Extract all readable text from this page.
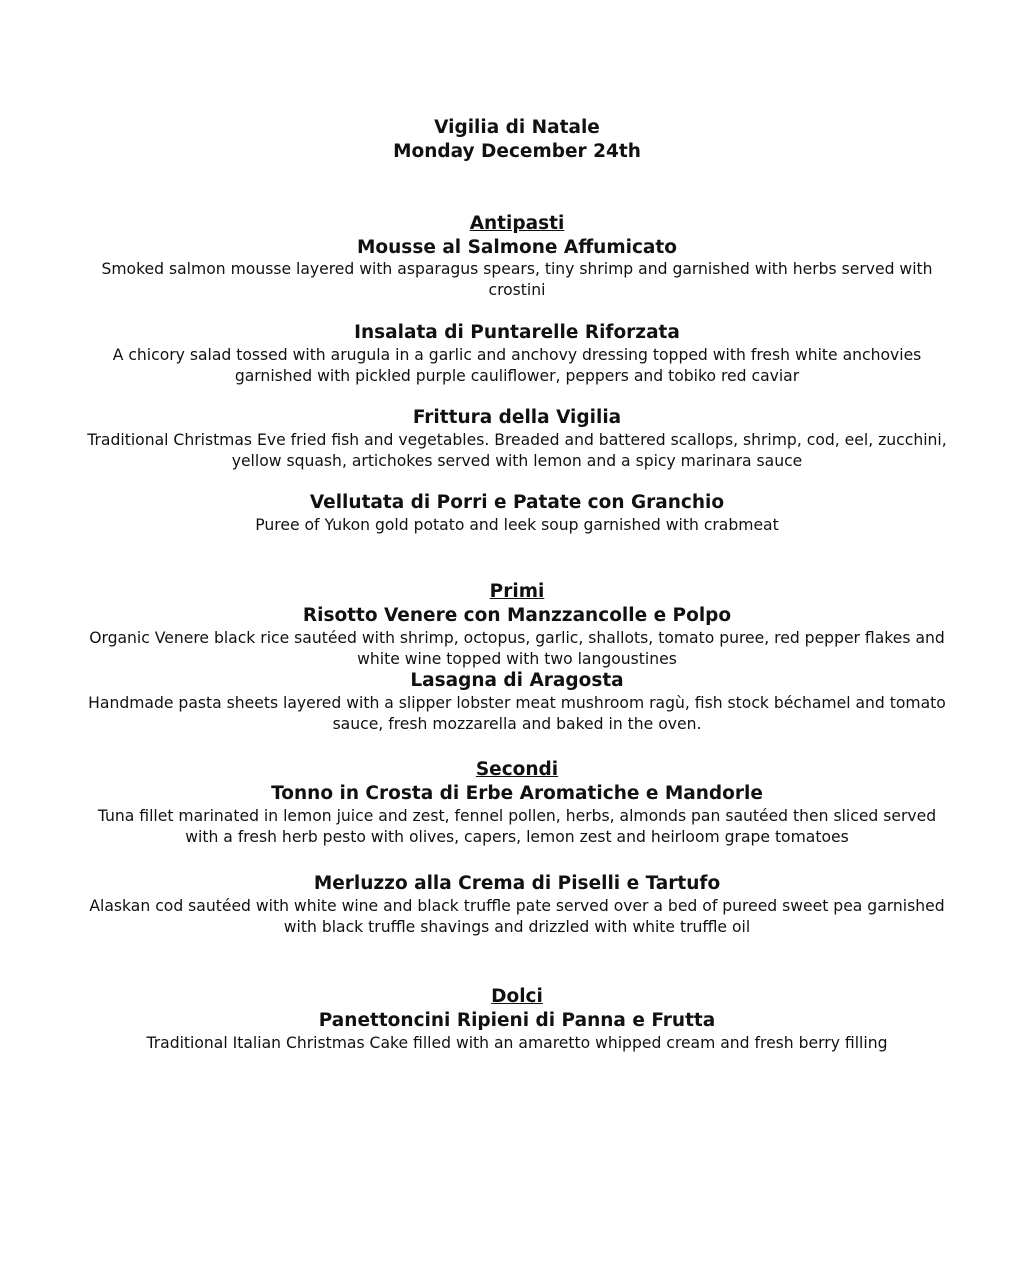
Vigilia di Natale
Monday December 24th
Antipasti
Mousse al Salmone Affumicato
Smoked salmon mousse layered with asparagus spears, tiny shrimp and garnished with herbs served with crostini
Insalata di Puntarelle Riforzata
A chicory salad tossed with arugula in a garlic and anchovy dressing topped with fresh white anchovies garnished with pickled purple cauliflower, peppers and tobiko red caviar
Frittura della Vigilia
Traditional Christmas Eve fried fish and vegetables. Breaded and battered scallops, shrimp, cod, eel, zucchini, yellow squash, artichokes served with lemon and a spicy marinara sauce
Vellutata di Porri e Patate con Granchio
Puree of Yukon gold potato and leek soup garnished with crabmeat
Primi
Risotto Venere con Manzzancolle e Polpo
Organic Venere black rice sautéed with shrimp, octopus, garlic, shallots, tomato puree, red pepper flakes and white wine topped with two langoustines
Lasagna di Aragosta
Handmade pasta sheets layered with a slipper lobster meat mushroom ragù, fish stock béchamel and tomato sauce, fresh mozzarella and baked in the oven.
Secondi
Tonno in Crosta di Erbe Aromatiche e Mandorle
Tuna fillet marinated in lemon juice and zest, fennel pollen, herbs, almonds pan sautéed then sliced served with a fresh herb pesto with olives, capers, lemon zest and heirloom grape tomatoes
Merluzzo alla Crema di Piselli e Tartufo
Alaskan cod sautéed with white wine and black truffle pate served over a bed of pureed sweet pea garnished with black truffle shavings and drizzled with white truffle oil
Dolci
Panettoncini Ripieni di Panna e Frutta
Traditional Italian Christmas Cake filled with an amaretto whipped cream and fresh berry filling
